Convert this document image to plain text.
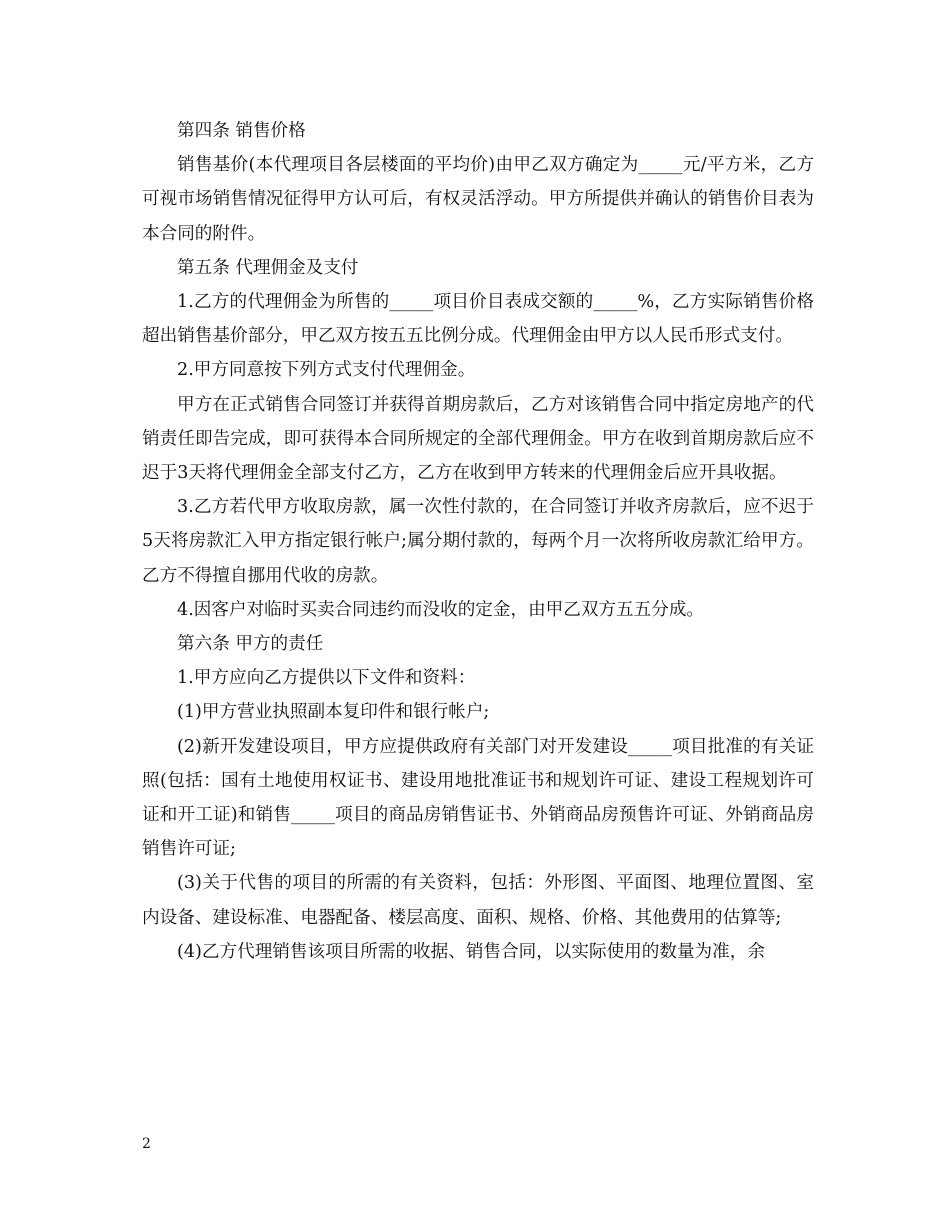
第四条 销售价格

销售基价(本代理项目各层楼面的平均价)由甲乙双方确定为_____元/平方米，乙方可视市场销售情况征得甲方认可后，有权灵活浮动。甲方所提供并确认的销售价目表为本合同的附件。

第五条 代理佣金及支付

1.乙方的代理佣金为所售的_____项目价目表成交额的_____%，乙方实际销售价格超出销售基价部分，甲乙双方按五五比例分成。代理佣金由甲方以人民币形式支付。

2.甲方同意按下列方式支付代理佣金。

甲方在正式销售合同签订并获得首期房款后，乙方对该销售合同中指定房地产的代销责任即告完成，即可获得本合同所规定的全部代理佣金。甲方在收到首期房款后应不迟于3天将代理佣金全部支付乙方，乙方在收到甲方转来的代理佣金后应开具收据。

3.乙方若代甲方收取房款，属一次性付款的，在合同签订并收齐房款后，应不迟于5天将房款汇入甲方指定银行帐户;属分期付款的，每两个月一次将所收房款汇给甲方。乙方不得擅自挪用代收的房款。

4.因客户对临时买卖合同违约而没收的定金，由甲乙双方五五分成。

第六条 甲方的责任

1.甲方应向乙方提供以下文件和资料：

(1)甲方营业执照副本复印件和银行帐户;

(2)新开发建设项目，甲方应提供政府有关部门对开发建设_____项目批准的有关证照(包括：国有土地使用权证书、建设用地批准证书和规划许可证、建设工程规划许可证和开工证)和销售_____项目的商品房销售证书、外销商品房预售许可证、外销商品房销售许可证;

(3)关于代售的项目的所需的有关资料，包括：外形图、平面图、地理位置图、室内设备、建设标准、电器配备、楼层高度、面积、规格、价格、其他费用的估算等;

(4)乙方代理销售该项目所需的收据、销售合同，以实际使用的数量为准，余

2
